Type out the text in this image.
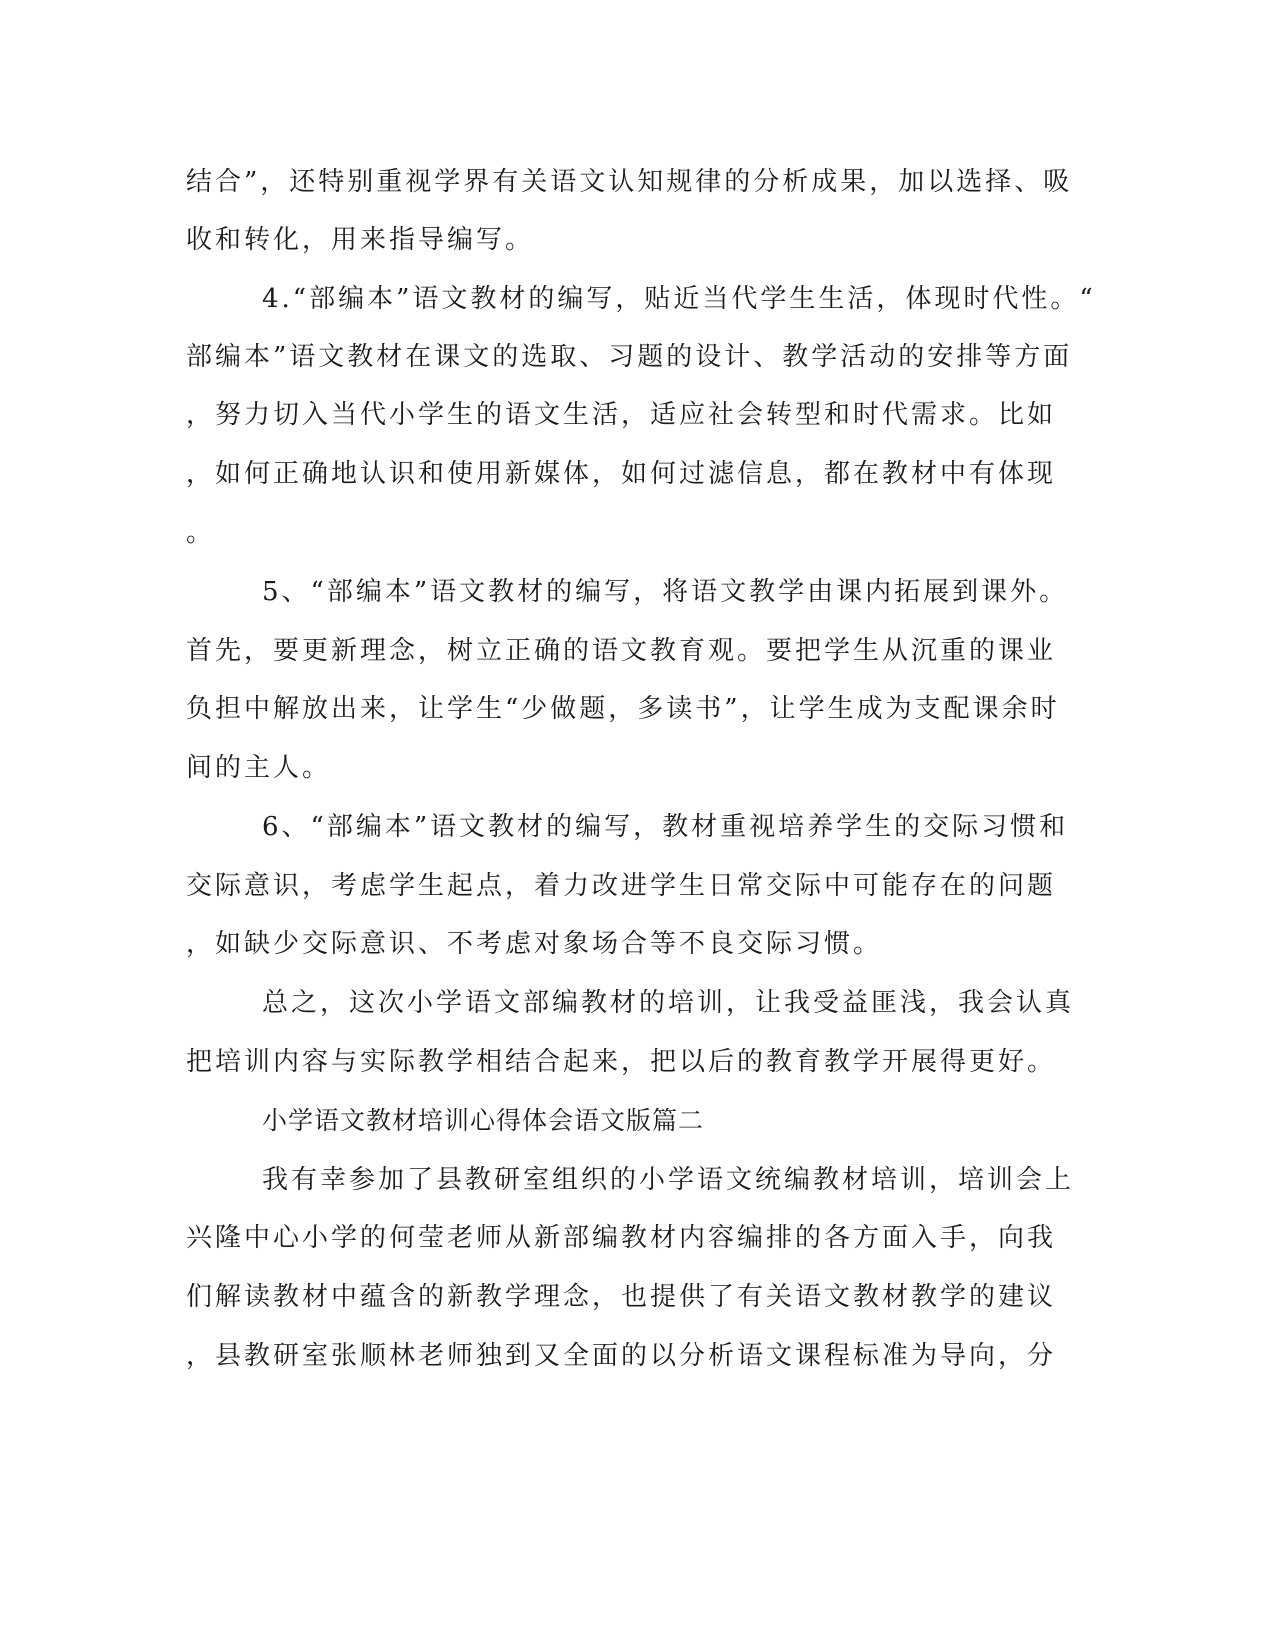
结合”，还特别重视学界有关语文认知规律的分析成果，加以选择、吸
收和转化，用来指导编写。
4.“部编本”语文教材的编写，贴近当代学生生活，体现时代性。“
部编本”语文教材在课文的选取、习题的设计、教学活动的安排等方面
，努力切入当代小学生的语文生活，适应社会转型和时代需求。比如
，如何正确地认识和使用新媒体，如何过滤信息，都在教材中有体现
。
5、“部编本”语文教材的编写，将语文教学由课内拓展到课外。
首先，要更新理念，树立正确的语文教育观。要把学生从沉重的课业
负担中解放出来，让学生“少做题，多读书”，让学生成为支配课余时
间的主人。
6、“部编本”语文教材的编写，教材重视培养学生的交际习惯和
交际意识，考虑学生起点，着力改进学生日常交际中可能存在的问题
，如缺少交际意识、不考虑对象场合等不良交际习惯。
总之，这次小学语文部编教材的培训，让我受益匪浅，我会认真
把培训内容与实际教学相结合起来，把以后的教育教学开展得更好。
小学语文教材培训心得体会语文版篇二
我有幸参加了县教研室组织的小学语文统编教材培训，培训会上
兴隆中心小学的何莹老师从新部编教材内容编排的各方面入手，向我
们解读教材中蕴含的新教学理念，也提供了有关语文教材教学的建议
，县教研室张顺林老师独到又全面的以分析语文课程标准为导向，分
